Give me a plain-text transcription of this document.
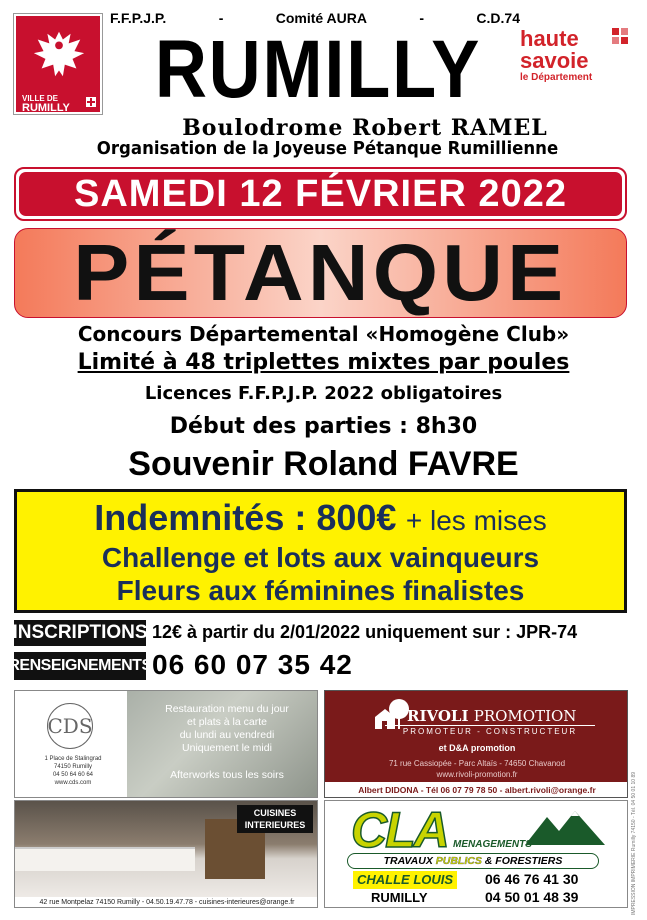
VILLE DE
RUMILLY
F.F.P.J.P.	-	Comité AURA	-	C.D.74
RUMILLY	haute
savoie
le Département
Boulodrome Robert RAMEL
Organisation de la Joyeuse Pétanque Rumillienne
SAMEDI 12 FÉVRIER 2022
PÉTANQUE
Concours Départemental «Homogène Club»
Limité à 48 triplettes mixtes par poules
Licences F.F.P.J.P. 2022 obligatoires
Début des parties : 8h30
Souvenir Roland FAVRE
Indemnités : 800€ + les mises
Challenge et lots aux vainqueurs
Fleurs aux féminines finalistes
INSCRIPTIONS 12€ à partir du 2/01/2022 uniquement sur : JPR-74
RENSEIGNEMENTS 06 60 07 35 42
CDS
1 Place de Stalingrad
74150 Rumilly
04 50 64 60 64
www.cds.com
Restauration menu du jour
et plats à la carte
du lundi au vendredi
Uniquement le midi
Afterworks tous les soirs
RIVOLI PROMOTION
PROMOTEUR - CONSTRUCTEUR
et D&A promotion
71 rue Cassiopée - Parc Altaïs - 74650 Chavanod
www.rivoli-promotion.fr
Albert DIDONA - Tél 06 07 79 78 50 - albert.rivoli@orange.fr
CUISINES
INTERIEURES
42 rue Montpelaz 74150 Rumilly - 04.50.19.47.78 - cuisines-interieures@orange.fr
CLA MENAGEMENTS
TRAVAUX PUBLICS & FORESTIERS
CHALLE LOUIS 06 46 76 41 30
RUMILLY	04 50 01 48 39	IMPRESSION IMPRIMERIE Rumilly 74150 - Tél. 04 50 01 10 89
